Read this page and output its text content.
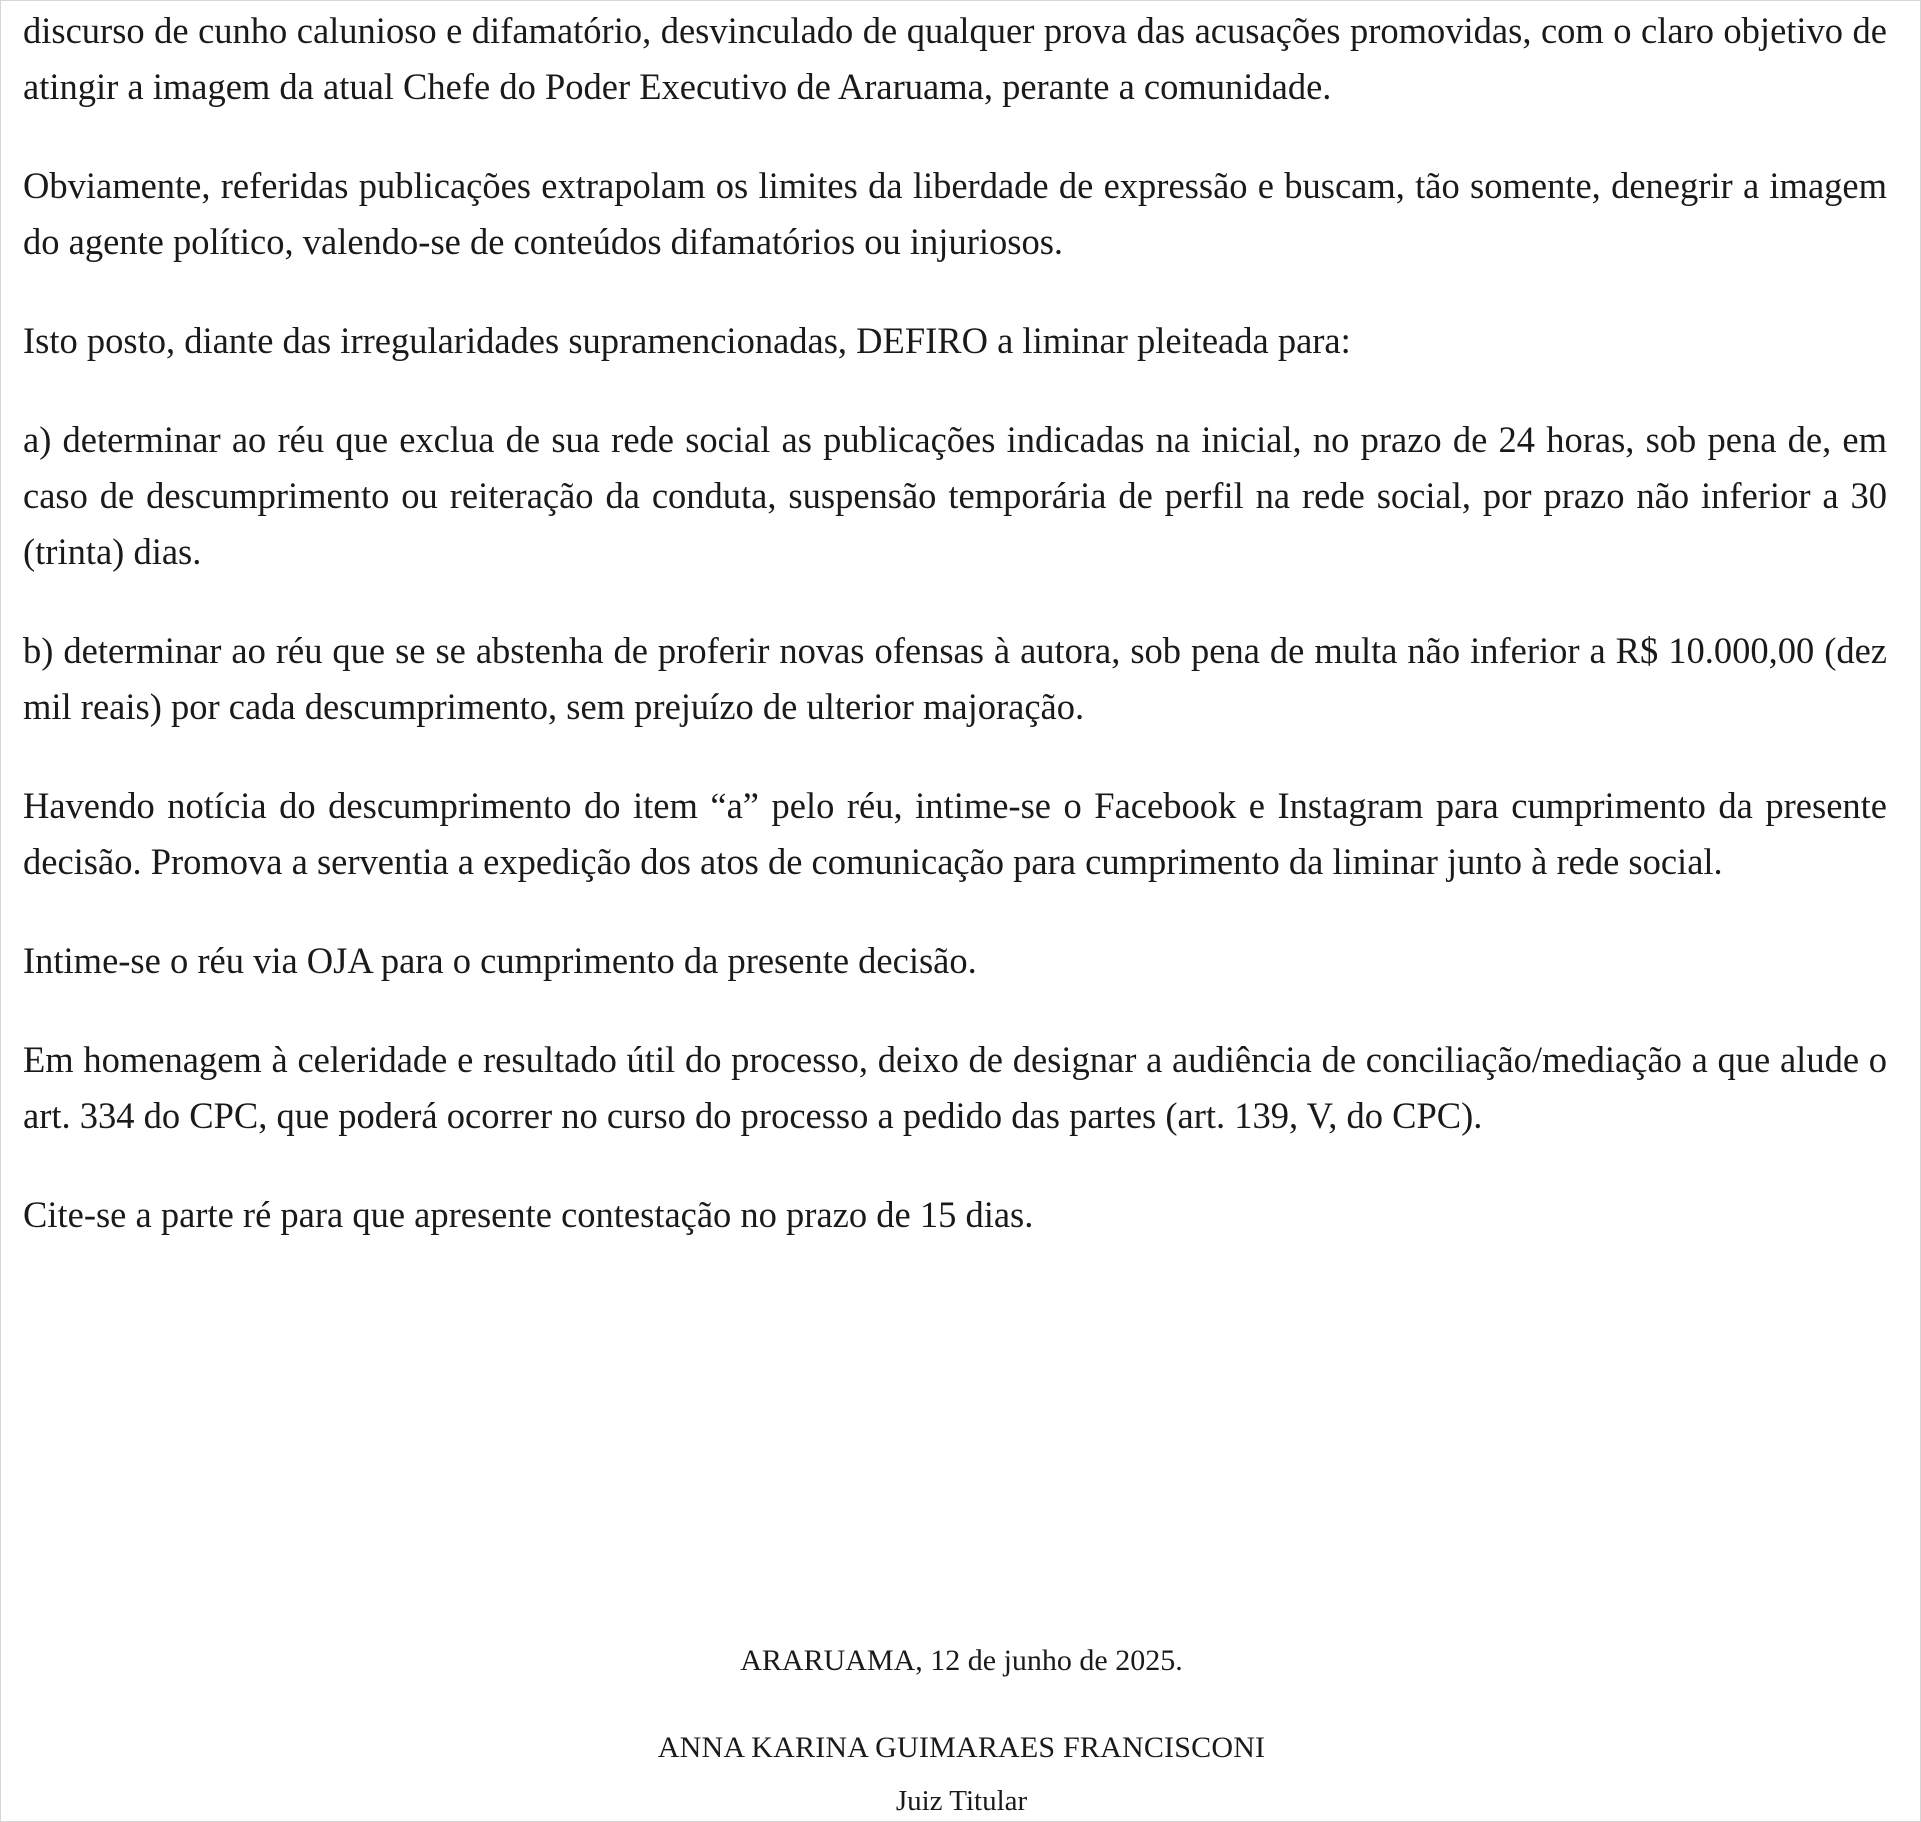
discurso de cunho calunioso e difamatório, desvinculado de qualquer prova das acusações promovidas, com o claro objetivo de atingir a imagem da atual Chefe do Poder Executivo de Araruama, perante a comunidade.

Obviamente, referidas publicações extrapolam os limites da liberdade de expressão e buscam, tão somente, denegrir a imagem do agente político, valendo-se de conteúdos difamatórios ou injuriosos.

Isto posto, diante das irregularidades supramencionadas, DEFIRO a liminar pleiteada para:

a) determinar ao réu que exclua de sua rede social as publicações indicadas na inicial, no prazo de 24 horas, sob pena de, em caso de descumprimento ou reiteração da conduta, suspensão temporária de perfil na rede social, por prazo não inferior a 30 (trinta) dias.

b) determinar ao réu que se se abstenha de proferir novas ofensas à autora, sob pena de multa não inferior a R$ 10.000,00 (dez mil reais) por cada descumprimento, sem prejuízo de ulterior majoração.

Havendo notícia do descumprimento do item “a” pelo réu, intime-se o Facebook e Instagram para cumprimento da presente decisão. Promova a serventia a expedição dos atos de comunicação para cumprimento da liminar junto à rede social.

Intime-se o réu via OJA para o cumprimento da presente decisão.

Em homenagem à celeridade e resultado útil do processo, deixo de designar a audiência de conciliação/mediação a que alude o art. 334 do CPC, que poderá ocorrer no curso do processo a pedido das partes (art. 139, V, do CPC).

Cite-se a parte ré para que apresente contestação no prazo de 15 dias.

ARARUAMA, 12 de junho de 2025.
ANNA KARINA GUIMARAES FRANCISCONI
Juiz Titular
